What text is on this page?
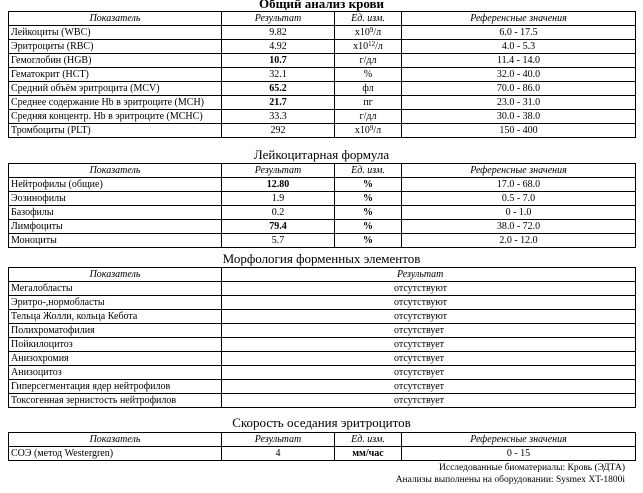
Общий анализ крови
Показатель	Результат	Ед. изм.	Референсные значения
Лейкоциты (WBC)	9.82	$x10^9/л$	6.0 - 17.5
Эритроциты (RBC)	4.92	$x10^{12}/л$	4.0 - 5.3
Гемоглобин (HGB)	10.7	г/дл	11.4 - 14.0
Гематокрит (HCT)	32.1	%	32.0 - 40.0
Средний объём эритроцита (MCV)	65.2	фл	70.0 - 86.0
Среднее содержание Hb в эритроците (MCH)	21.7	пг	23.0 - 31.0
Средняя концентр. Hb в эритроците (MCHC)	33.3	г/дл	30.0 - 38.0
Тромбоциты (PLT)	292	$x10^9/л$	150 - 400
Лейкоцитарная формула
Показатель	Результат	Ед. изм.	Референсные значения
Нейтрофилы (общие)	12.80	%	17.0 - 68.0
Эозинофилы	1.9	%	0.5 - 7.0
Базофилы	0.2	%	0 - 1.0
Лимфоциты	79.4	%	38.0 - 72.0
Моноциты	5.7	%	2.0 - 12.0
Морфология форменных элементов
Показатель	Результат
Мегалобласты	отсутствуют
Эритро-,нормобласты	отсутствуют
Тельца Жолли, кольца Кебота	отсутствуют
Полихроматофилия	отсутствует
Пойкилоцитоз	отсутствует
Анизохромия	отсутствует
Анизоцитоз	отсутствует
Гиперсегментация ядер нейтрофилов	отсутствует
Токсогенная зернистость нейтрофилов	отсутствует
Скорость оседания эритроцитов
Показатель	Результат	Ед. изм.	Референсные значения
СОЭ (метод Westergren)	4	мм/час	0 - 15
Исследованные биоматериалы: Кровь (ЭДТА)
Анализы выполнены на оборудовании: Sysmex XT-1800i
